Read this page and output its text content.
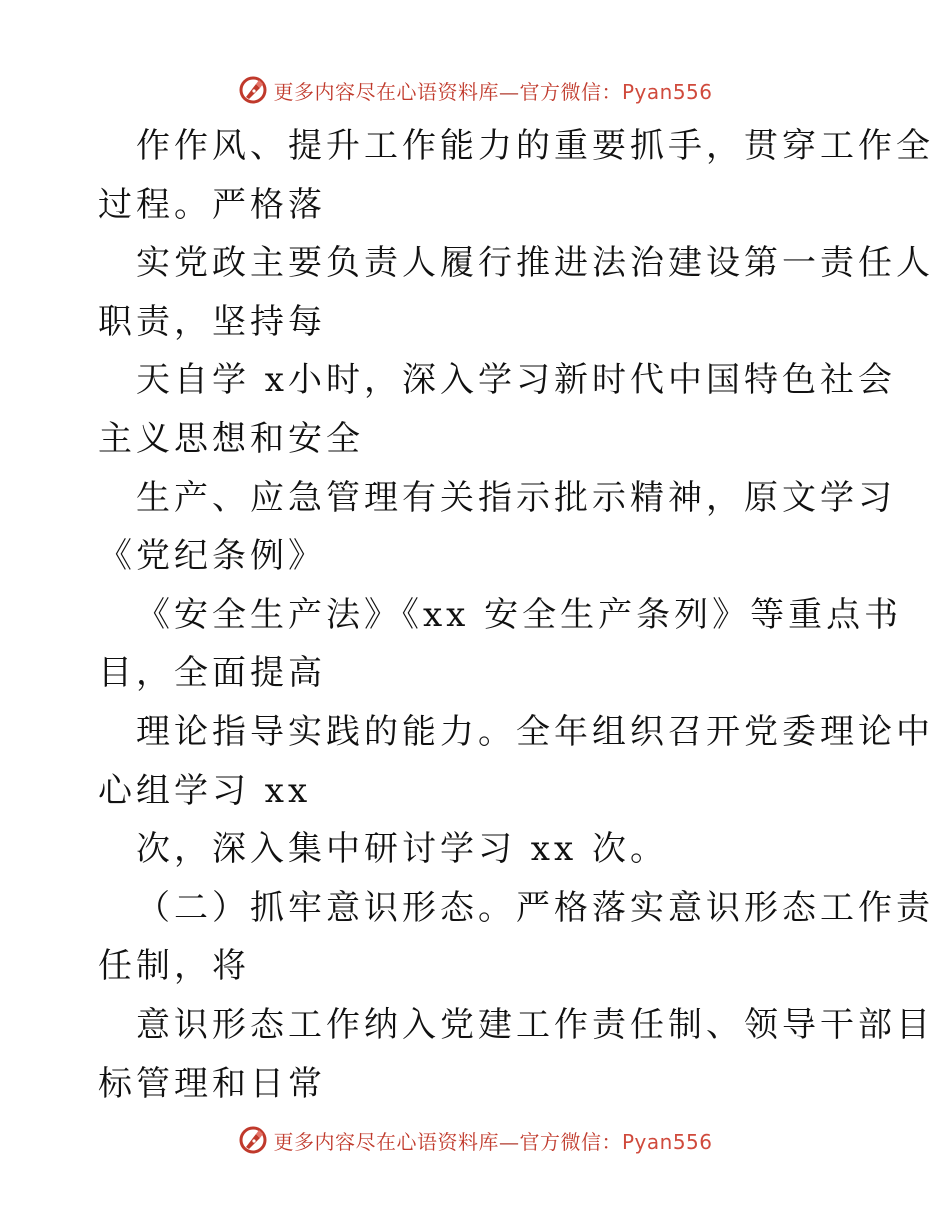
更多内容尽在心语资料库—官方微信：Pyan556
作作风、提升工作能力的重要抓手，贯穿工作全
过程。严格落
实党政主要负责人履行推进法治建设第一责任人
职责，坚持每
天自学 x小时，深入学习新时代中国特色社会
主义思想和安全
生产、应急管理有关指示批示精神，原文学习
《党纪条例》
《安全生产法》《xx 安全生产条列》等重点书
目，全面提高
理论指导实践的能力。全年组织召开党委理论中
心组学习 xx
次，深入集中研讨学习 xx 次。
（二）抓牢意识形态。严格落实意识形态工作责
任制，将
意识形态工作纳入党建工作责任制、领导干部目
标管理和日常
更多内容尽在心语资料库—官方微信：Pyan556
